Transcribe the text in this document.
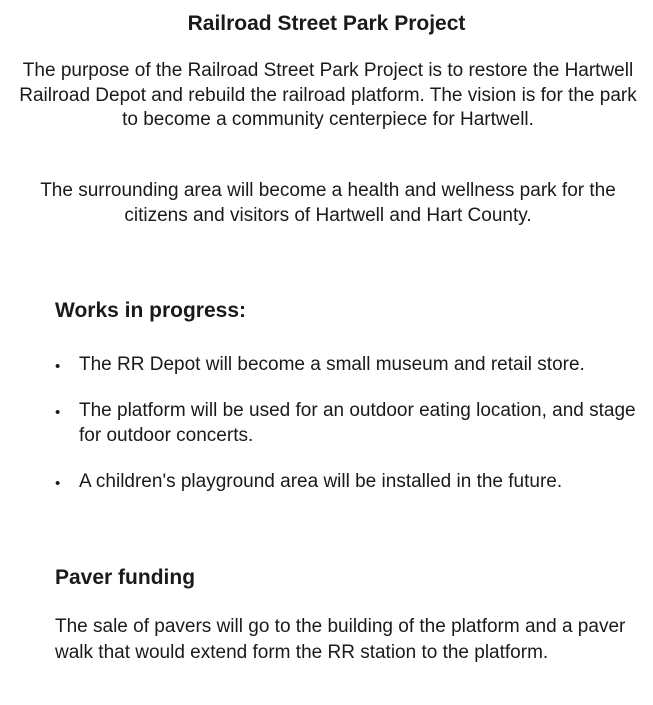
Railroad Street Park Project

The purpose of the Railroad Street Park Project is to restore the Hartwell Railroad Depot and rebuild the railroad platform. The vision is for the park to become a community centerpiece for Hartwell.

The surrounding area will become a health and wellness park for the citizens and visitors of Hartwell and Hart County.

Works in progress:
• The RR Depot will become a small museum and retail store.
• The platform will be used for an outdoor eating location, and stage for outdoor concerts.
• A children's playground area will be installed in the future.
Paver funding

The sale of pavers will go to the building of the platform and a paver walk that would extend form the RR station to the platform.
